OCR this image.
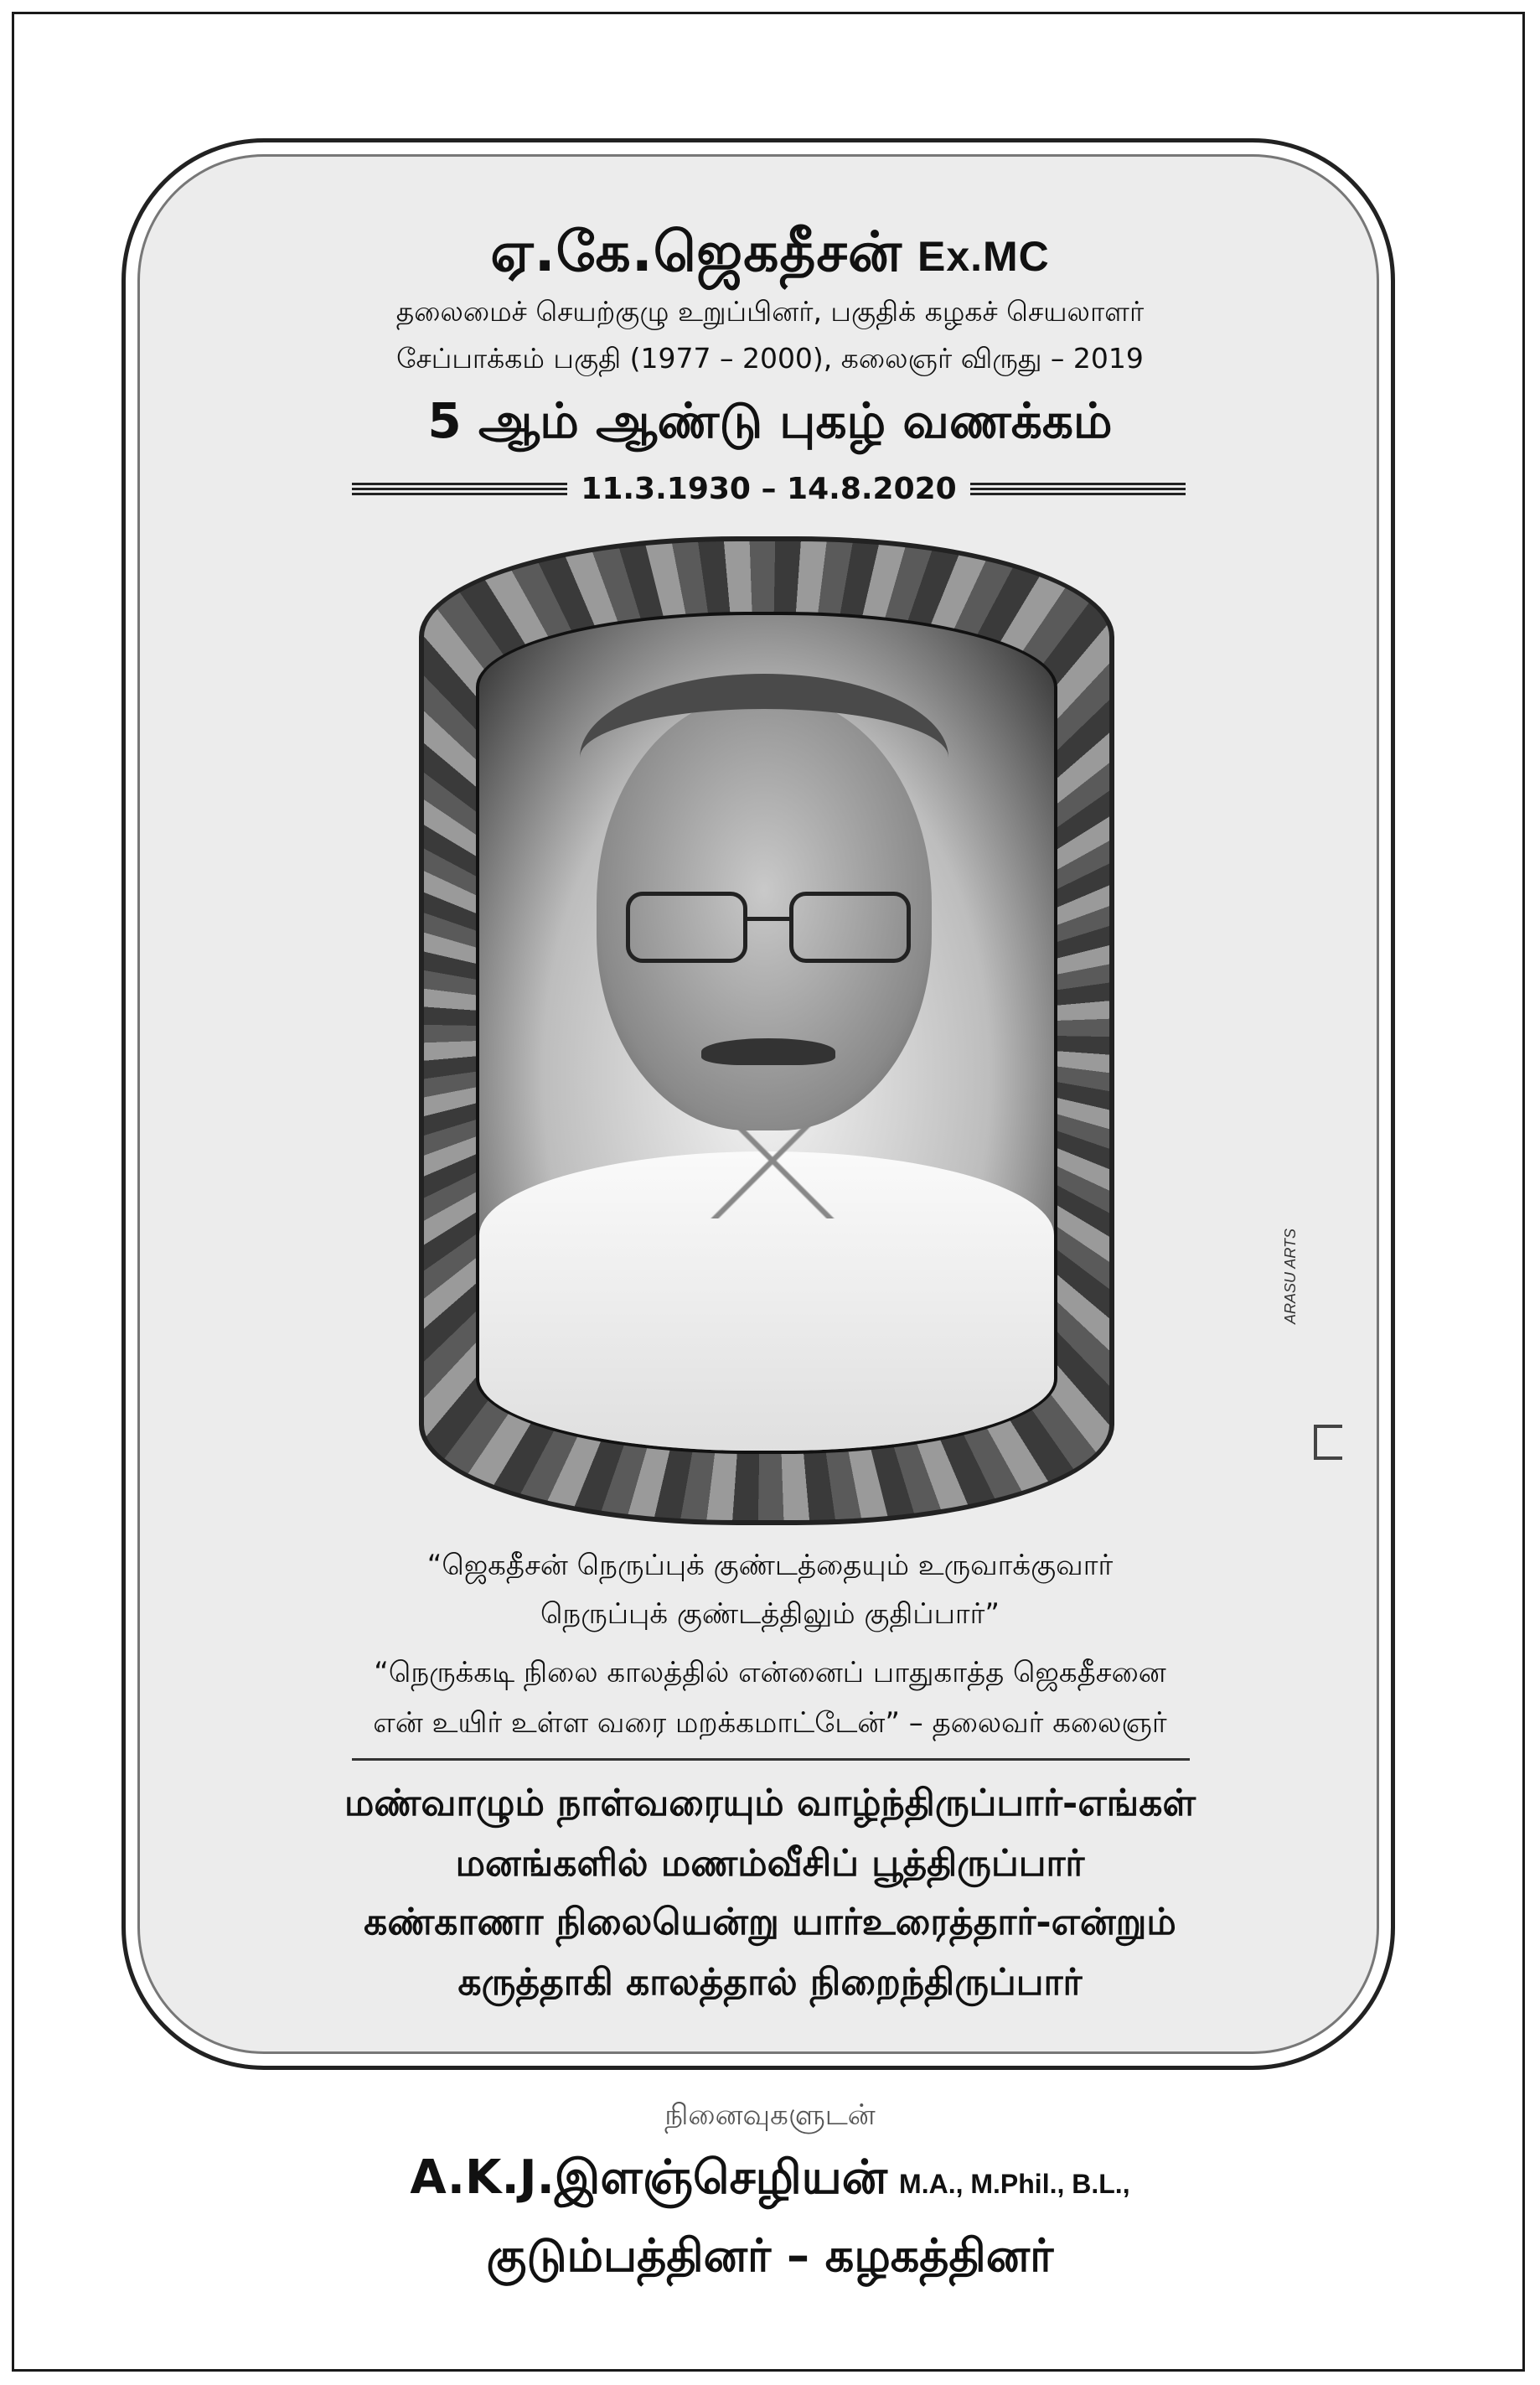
ஏ.கே.ஜெகதீசன் Ex.MC
தலைமைச் செயற்குழு உறுப்பினர், பகுதிக் கழகச் செயலாளர்
சேப்பாக்கம் பகுதி (1977 – 2000), கலைஞர் விருது – 2019
5 ஆம் ஆண்டு புகழ் வணக்கம்
11.3.1930 – 14.8.2020
ARASU ARTS
“ஜெகதீசன் நெருப்புக் குண்டத்தையும் உருவாக்குவார்
நெருப்புக் குண்டத்திலும் குதிப்பார்”
“நெருக்கடி நிலை காலத்தில் என்னைப் பாதுகாத்த ஜெகதீசனை
என் உயிர் உள்ள வரை மறக்கமாட்டேன்” – தலைவர் கலைஞர்
மண்வாழும் நாள்வரையும் வாழ்ந்திருப்பார்-எங்கள்
மனங்களில் மணம்வீசிப் பூத்திருப்பார்
கண்காணா நிலையென்று யார்உரைத்தார்-என்றும்
கருத்தாகி காலத்தால் நிறைந்திருப்பார்
நினைவுகளுடன்
A.K.J.இளஞ்செழியன் M.A., M.Phil., B.L.,
குடும்பத்தினர் – கழகத்தினர்
